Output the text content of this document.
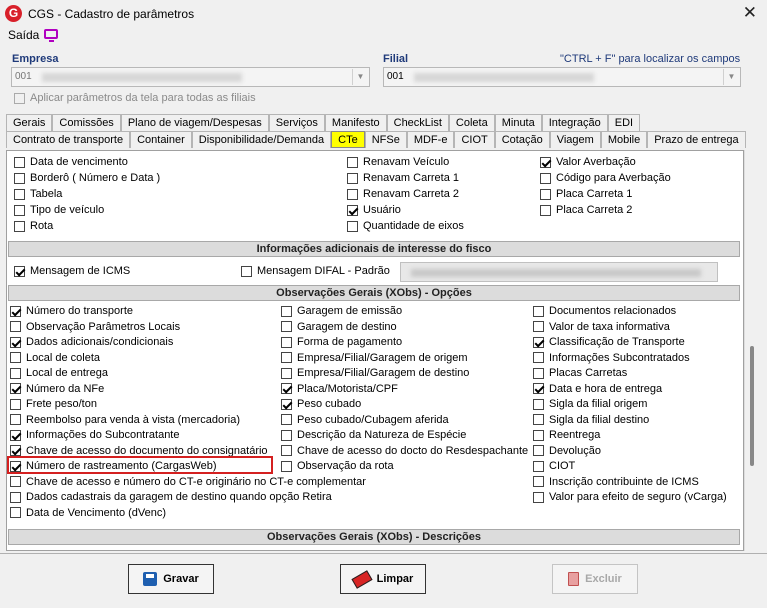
G CGS - Cadastro de parâmetros	✕
Saída
Empresa
001	▼
Filial
001	▼
"CTRL + F" para localizar os campos
Aplicar parâmetros da tela para todas as filiais
Gerais	Comissões	Plano de viagem/Despesas	Serviços	Manifesto	CheckList	Coleta	Minuta	Integração	EDI
Contrato de transporte	Container	Disponibilidade/Demanda	CTe	NFSe	MDF-e	CIOT	Cotação	Viagem	Mobile	Prazo de entrega
Data de vencimento
Borderô ( Número e Data )
Tabela
Tipo de veículo
Rota
Renavam Veículo
Renavam Carreta 1
Renavam Carreta 2
Usuário
Quantidade de eixos
Valor Averbação
Código para Averbação
Placa Carreta 1
Placa Carreta 2
Mensagem de ICMS	Mensagem DIFAL - Padrão
Número do transporte
Observação Parâmetros Locais
Dados adicionais/condicionais
Local de coleta
Local de entrega
Número da NFe
Frete peso/ton
Reembolso para venda à vista (mercadoria)
Informações do Subcontratante
Chave de acesso do documento do consignatário
Número de rastreamento (CargasWeb)
Chave de acesso e número do CT-e originário no CT-e complementar
Dados cadastrais da garagem de destino quando opção Retira
Data de Vencimento (dVenc)
Garagem de emissão
Garagem de destino
Forma de pagamento
Empresa/Filial/Garagem de origem
Empresa/Filial/Garagem de destino
Placa/Motorista/CPF
Peso cubado
Peso cubado/Cubagem aferida
Descrição da Natureza de Espécie
Chave de acesso do docto do Resdespachante
Observação da rota
Documentos relacionados
Valor de taxa informativa
Classificação de Transporte
Informações Subcontratados
Placas Carretas
Data e hora de entrega
Sigla da filial origem
Sigla da filial destino
Reentrega
Devolução
CIOT
Inscrição contribuinte de ICMS
Valor para efeito de seguro (vCarga)
Informações adicionais de interesse do fisco
Observações Gerais (XObs) - Opções
Observações Gerais (XObs) - Descrições
Gravar	Limpar	Excluir
